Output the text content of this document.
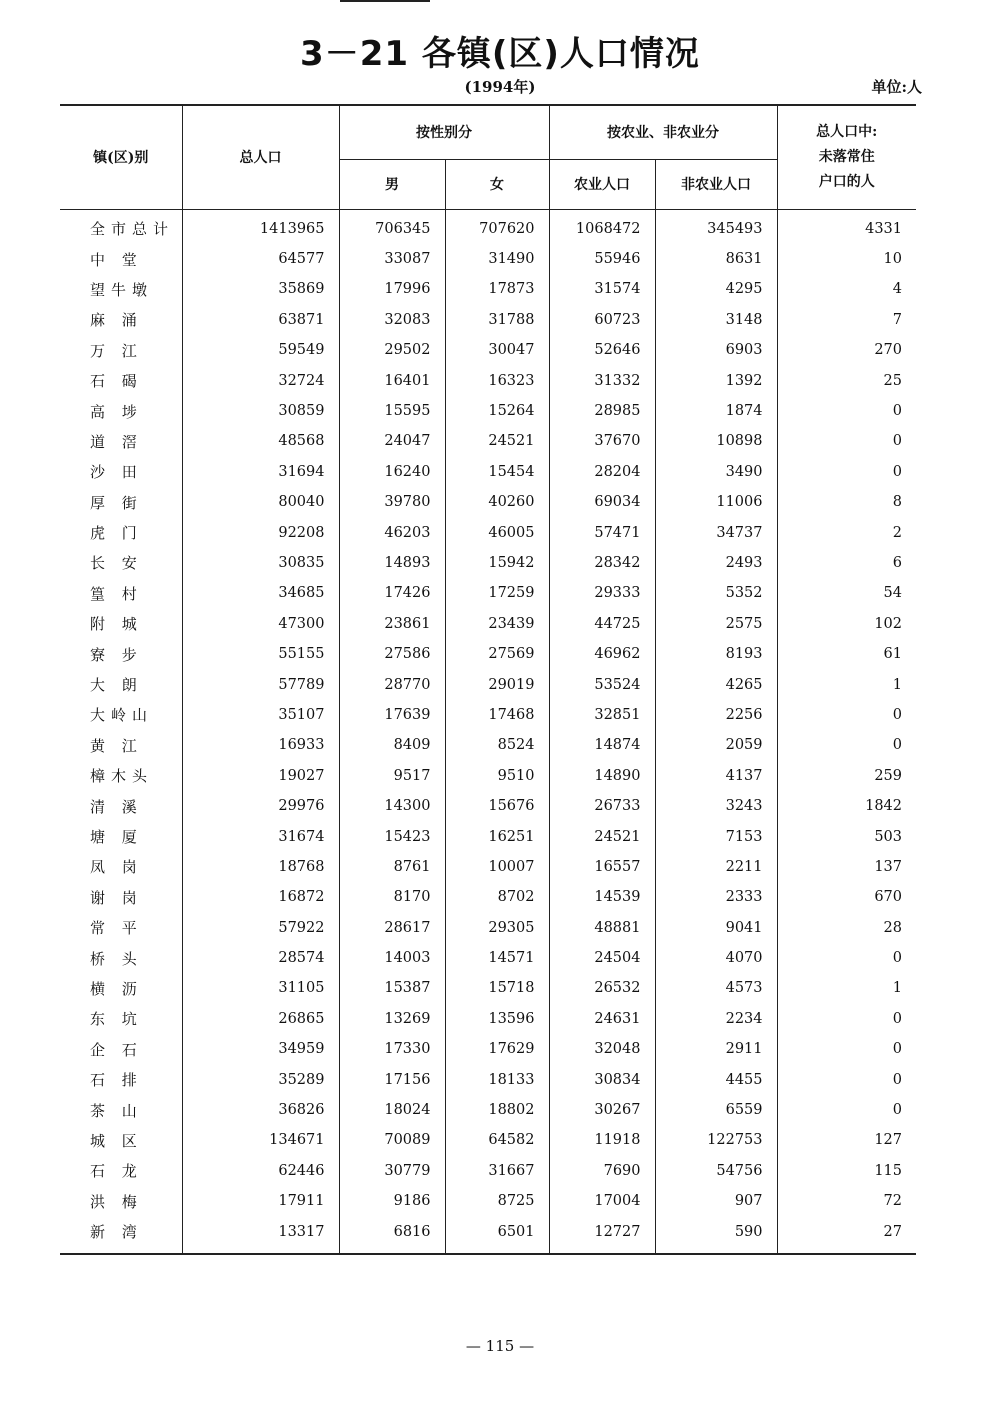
3－21 各镇(区)人口情况
(1994年)	单位:人
镇(区)别	总人口	按性别分		按农业、非农业分		总人口中:
未落常住
户口的人

		男	女	农业人口	非农业人口	
全市总计	1413965	706345	707620	1068472	345493	4331
中 堂	64577	33087	31490	55946	8631	10
望牛墩	35869	17996	17873	31574	4295	4
麻 涌	63871	32083	31788	60723	3148	7
万 江	59549	29502	30047	52646	6903	270
石 碣	32724	16401	16323	31332	1392	25
高 埗	30859	15595	15264	28985	1874	0
道 滘	48568	24047	24521	37670	10898	0
沙 田	31694	16240	15454	28204	3490	0
厚 街	80040	39780	40260	69034	11006	8
虎 门	92208	46203	46005	57471	34737	2
长 安	30835	14893	15942	28342	2493	6
篁 村	34685	17426	17259	29333	5352	54
附 城	47300	23861	23439	44725	2575	102
寮 步	55155	27586	27569	46962	8193	61
大 朗	57789	28770	29019	53524	4265	1
大岭山	35107	17639	17468	32851	2256	0
黄 江	16933	8409	8524	14874	2059	0
樟木头	19027	9517	9510	14890	4137	259
清 溪	29976	14300	15676	26733	3243	1842
塘 厦	31674	15423	16251	24521	7153	503
凤 岗	18768	8761	10007	16557	2211	137
谢 岗	16872	8170	8702	14539	2333	670
常 平	57922	28617	29305	48881	9041	28
桥 头	28574	14003	14571	24504	4070	0
横 沥	31105	15387	15718	26532	4573	1
东 坑	26865	13269	13596	24631	2234	0
企 石	34959	17330	17629	32048	2911	0
石 排	35289	17156	18133	30834	4455	0
茶 山	36826	18024	18802	30267	6559	0
城 区	134671	70089	64582	11918	122753	127
石 龙	62446	30779	31667	7690	54756	115
洪 梅	17911	9186	8725	17004	907	72
新 湾	13317	6816	6501	12727	590	27
— 115 —
